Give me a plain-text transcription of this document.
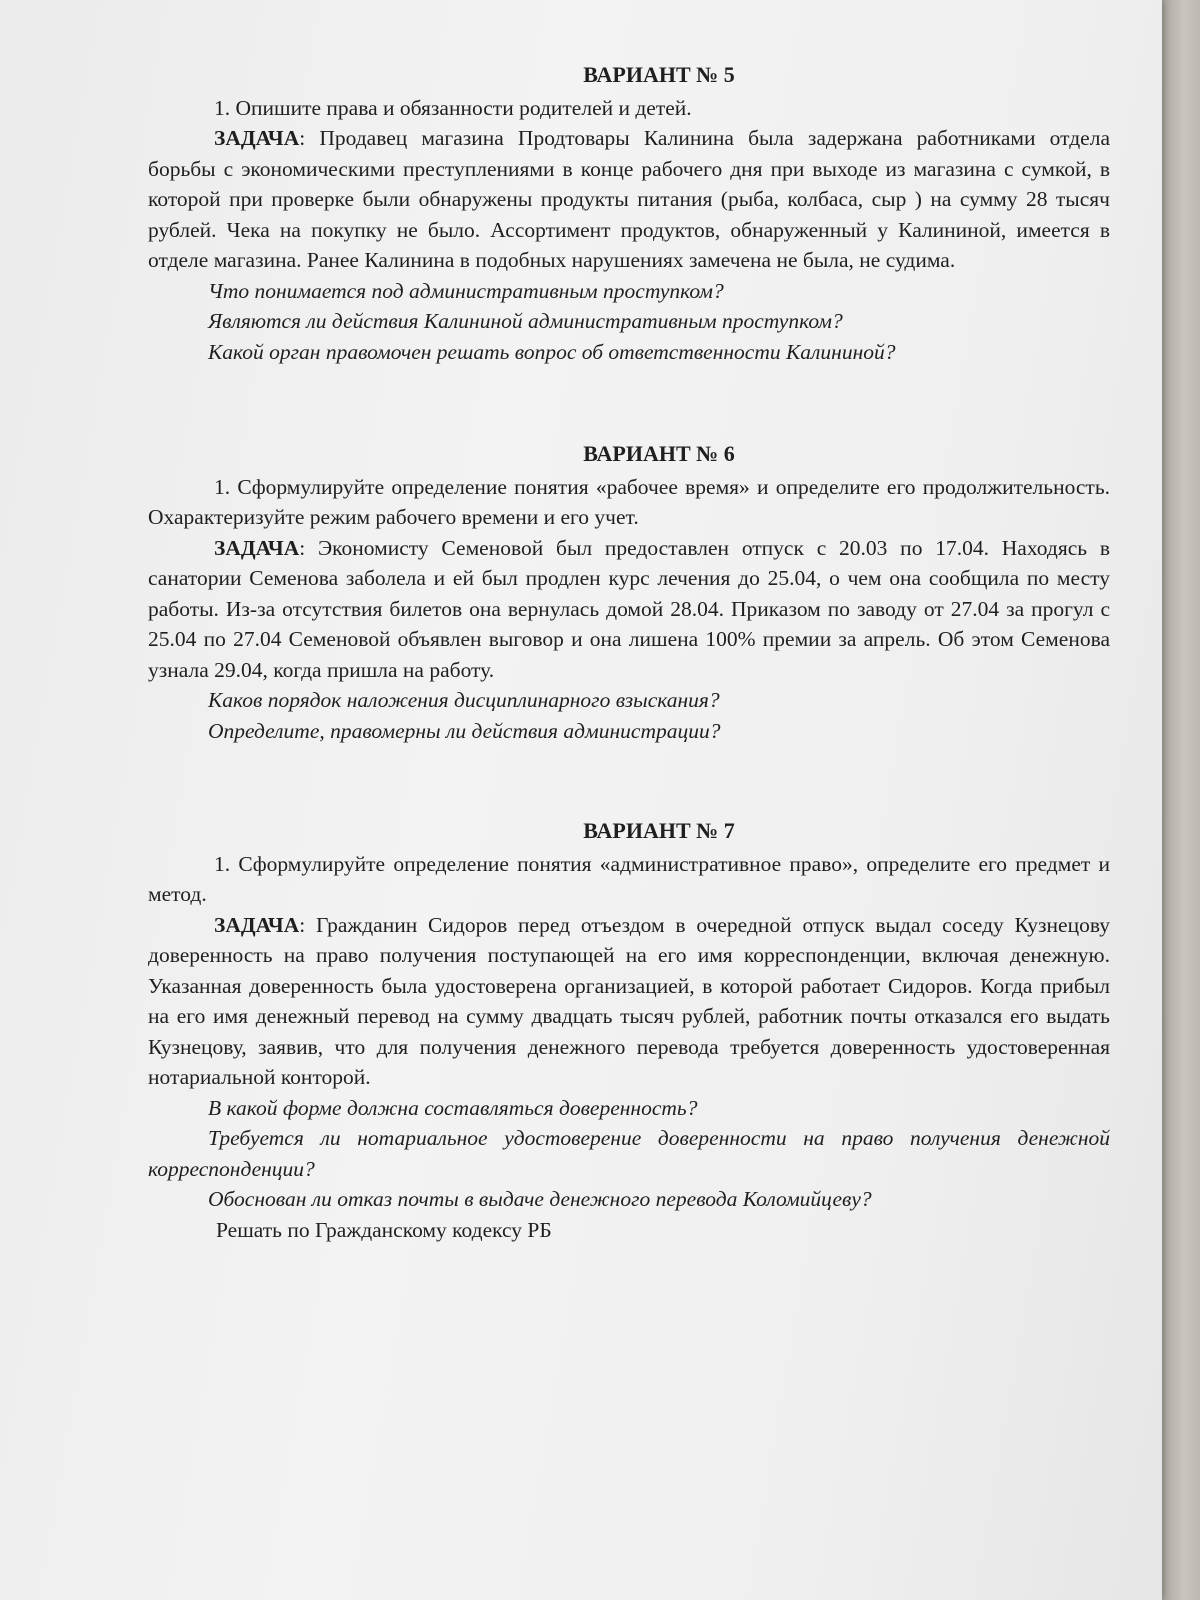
ВАРИАНТ № 5

1. Опишите права и обязанности родителей и детей.

ЗАДАЧА: Продавец магазина Продтовары Калинина была задержана работниками отдела борьбы с экономическими преступлениями в конце рабочего дня при выходе из магазина с сумкой, в которой при проверке были обнаружены продукты питания (рыба, колбаса, сыр ) на сумму 28 тысяч рублей. Чека на покупку не было. Ассортимент продуктов, обнаруженный у Калининой, имеется в отделе магазина. Ранее Калинина в подобных нарушениях замечена не была, не судима.

Что понимается под административным проступком?

Являются ли действия Калининой административным проступком?

Какой орган правомочен решать вопрос об ответственности Калининой?

ВАРИАНТ № 6

1. Сформулируйте определение понятия «рабочее время» и определите его продолжительность. Охарактеризуйте режим рабочего времени и его учет.

ЗАДАЧА: Экономисту Семеновой был предоставлен отпуск с 20.03 по 17.04. Находясь в санатории Семенова заболела и ей был продлен курс лечения до 25.04, о чем она сообщила по месту работы. Из-за отсутствия билетов она вернулась домой 28.04. Приказом по заводу от 27.04 за прогул с 25.04 по 27.04 Семеновой объявлен выговор и она лишена 100% премии за апрель. Об этом Семенова узнала 29.04, когда пришла на работу.

Каков порядок наложения дисциплинарного взыскания?

Определите, правомерны ли действия администрации?

ВАРИАНТ № 7

1. Сформулируйте определение понятия «административное право», определите его предмет и метод.

ЗАДАЧА: Гражданин Сидоров перед отъездом в очередной отпуск выдал соседу Кузнецову доверенность на право получения поступающей на его имя корреспонденции, включая денежную. Указанная доверенность была удостоверена организацией, в которой работает Сидоров. Когда прибыл на его имя денежный перевод на сумму двадцать тысяч рублей, работник почты отказался его выдать Кузнецову, заявив, что для получения денежного перевода требуется доверенность удостоверенная нотариальной конторой.

В какой форме должна составляться доверенность?

Требуется ли нотариальное удостоверение доверенности на право получения денежной корреспонденции?

Обоснован ли отказ почты в выдаче денежного перевода Коломийцеву?

Решать по Гражданскому кодексу РБ
